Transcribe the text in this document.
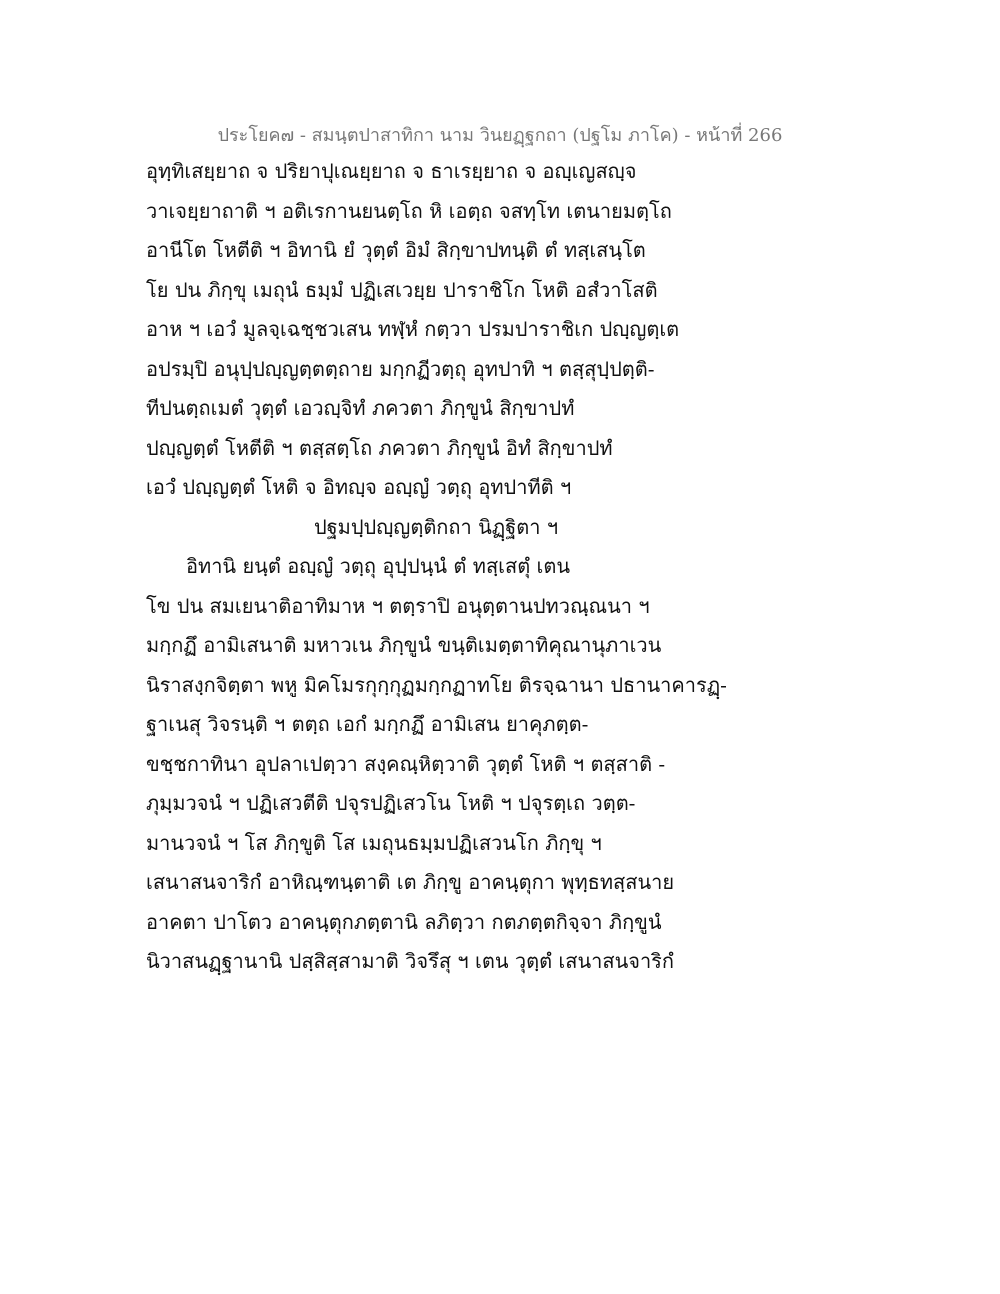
ประโยค๗ - สมนฺตปาสาทิกา นาม วินยฏฺฐกถา (ปฐโม ภาโค) - หน้าที่ 266
อุทฺทิเสยฺยาถ จ ปริยาปุเณยฺยาถ จ ธาเรยฺยาถ จ อญฺเญสญฺจ
วาเจยฺยาถาติ ฯ อติเรกานยนตฺโถ หิ เอตฺถ จสทฺโท เตนายมตฺโถ
อานีโต โหตีติ ฯ อิทานิ ยํ วุตฺตํ อิมํ สิกฺขาปทนฺติ ตํ ทสฺเสนฺโต
โย ปน ภิกฺขุ เมถุนํ ธมฺมํ ปฏิเสเวยฺย ปาราชิโก โหติ อสํวาโสติ
อาห ฯ เอวํ มูลจฺเฉชฺชวเสน ทฬฺหํ กตฺวา ปรมปาราชิเก ปญฺญตฺเต
อปรมฺปิ อนุปฺปญฺญตฺตตฺถาย มกฺกฏีวตฺถุ อุทปาทิ ฯ ตสฺสุปฺปตฺติ-
ทีปนตฺถเมตํ วุตฺตํ เอวญฺจิทํ ภควตา ภิกฺขูนํ สิกฺขาปทํ
ปญฺญตฺตํ โหตีติ ฯ ตสฺสตฺโถ ภควตา ภิกฺขูนํ อิทํ สิกฺขาปทํ
เอวํ ปญฺญตฺตํ โหติ จ อิทญฺจ อญฺญํ วตฺถุ อุทปาทีติ ฯ
ปฐมปฺปญฺญตฺติกถา นิฏฺฐิตา ฯ
อิทานิ ยนฺตํ อญฺญํ วตฺถุ อุปฺปนฺนํ ตํ ทสฺเสตุํ เตน
โข ปน สมเยนาติอาทิมาห ฯ ตตฺราปิ อนุตฺตานปทวณฺณนา ฯ
มกฺกฏึ อามิเสนาติ มหาวเน ภิกฺขูนํ ขนฺติเมตฺตาทิคุณานุภาเวน
นิราสงฺกจิตฺตา พหู มิคโมรกุกฺกุฏมกฺกฏาทโย ติรจฺฉานา ปธานาคารฏฺ-
ฐาเนสุ วิจรนฺติ ฯ ตตฺถ เอกํ มกฺกฏึ อามิเสน ยาคุภตฺต-
ขชฺชกาทินา อุปลาเปตฺวา สงฺคณฺหิตฺวาติ วุตฺตํ โหติ ฯ ตสฺสาติ -
ภุมฺมวจนํ ฯ ปฏิเสวตีติ ปจุรปฏิเสวโน โหติ ฯ ปจุรตฺเถ วตฺต-
มานวจนํ ฯ โส ภิกฺขูติ โส เมถุนธมฺมปฏิเสวนโก ภิกฺขุ ฯ
เสนาสนจาริกํ อาหิณฺฑนฺตาติ เต ภิกฺขู อาคนฺตุกา พุทฺธทสฺสนาย
อาคตา ปาโตว อาคนฺตุกภตฺตานิ ลภิตฺวา กตภตฺตกิจฺจา ภิกฺขูนํ
นิวาสนฏฺฐานานิ ปสฺสิสฺสามาติ วิจรึสุ ฯ เตน วุตฺตํ เสนาสนจาริกํ
